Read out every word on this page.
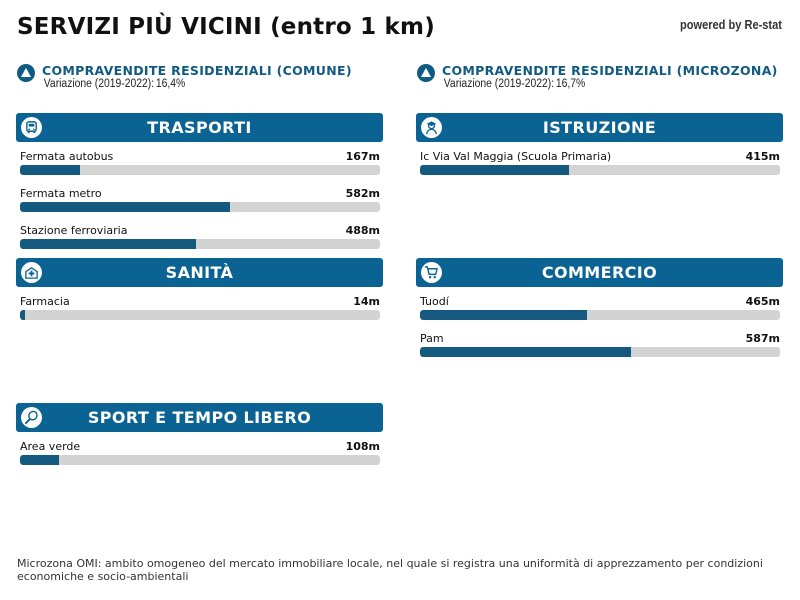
SERVIZI PIÙ VICINI (entro 1 km)	powered by Re-stat
COMPRAVENDITE RESIDENZIALI (COMUNE)
Variazione (2019-2022): 16,4%
COMPRAVENDITE RESIDENZIALI (MICROZONA)
Variazione (2019-2022): 16,7%
TRASPORTI
Fermata autobus	167m
Fermata metro	582m
Stazione ferroviaria	488m
ISTRUZIONE
Ic Via Val Maggia (Scuola Primaria)	415m
SANITÀ
Farmacia	14m
COMMERCIO
Tuodí	465m
Pam	587m
SPORT E TEMPO LIBERO
Area verde	108m
Microzona OMI: ambito omogeneo del mercato immobiliare locale, nel quale si registra una uniformità di apprezzamento per condizioni economiche e socio-ambientali
